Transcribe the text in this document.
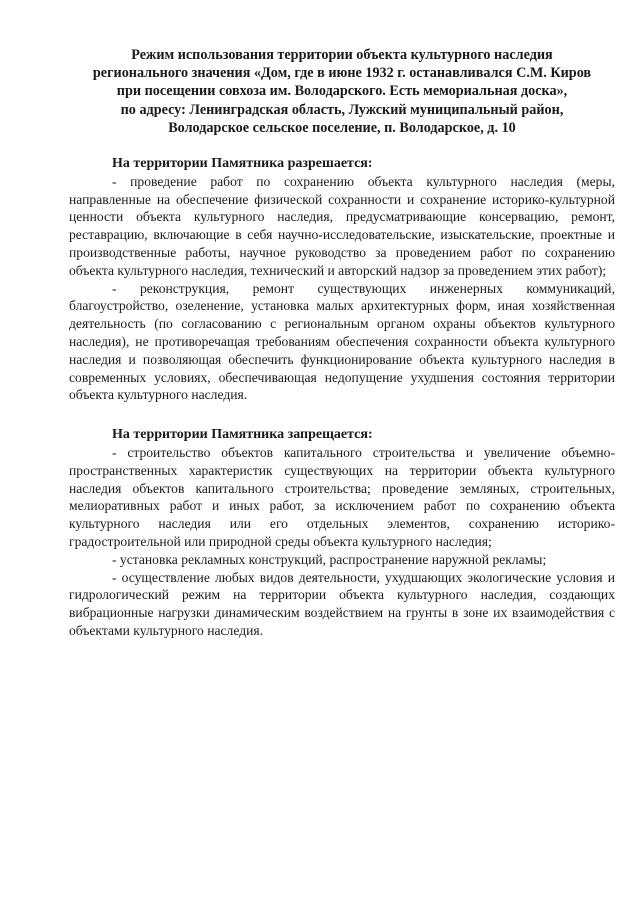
Режим использования территории объекта культурного наследия
регионального значения «Дом, где в июне 1932 г. останавливался С.М. Киров
при посещении совхоза им. Володарского. Есть мемориальная доска»,
по адресу: Ленинградская область, Лужский муниципальный район,
Володарское сельское поселение, п. Володарское, д. 10
На территории Памятника разрешается:

- проведение работ по сохранению объекта культурного наследия (меры, направленные на обеспечение физической сохранности и сохранение историко-культурной ценности объекта культурного наследия, предусматривающие консервацию, ремонт, реставрацию, включающие в себя научно-исследовательские, изыскательские, проектные и производственные работы, научное руководство за проведением работ по сохранению объекта культурного наследия, технический и авторский надзор за проведением этих работ);

- реконструкция, ремонт существующих инженерных коммуникаций, благоустройство, озеленение, установка малых архитектурных форм, иная хозяйственная деятельность (по согласованию с региональным органом охраны объектов культурного наследия), не противоречащая требованиям обеспечения сохранности объекта культурного наследия и позволяющая обеспечить функционирование объекта культурного наследия в современных условиях, обеспечивающая недопущение ухудшения состояния территории объекта культурного наследия.

На территории Памятника запрещается:

- строительство объектов капитального строительства и увеличение объемно-пространственных характеристик существующих на территории объекта культурного наследия объектов капитального строительства; проведение земляных, строительных, мелиоративных работ и иных работ, за исключением работ по сохранению объекта культурного наследия или его отдельных элементов, сохранению историко-градостроительной или природной среды объекта культурного наследия;

- установка рекламных конструкций, распространение наружной рекламы;

- осуществление любых видов деятельности, ухудшающих экологические условия и гидрологический режим на территории объекта культурного наследия, создающих вибрационные нагрузки динамическим воздействием на грунты в зоне их взаимодействия с объектами культурного наследия.
